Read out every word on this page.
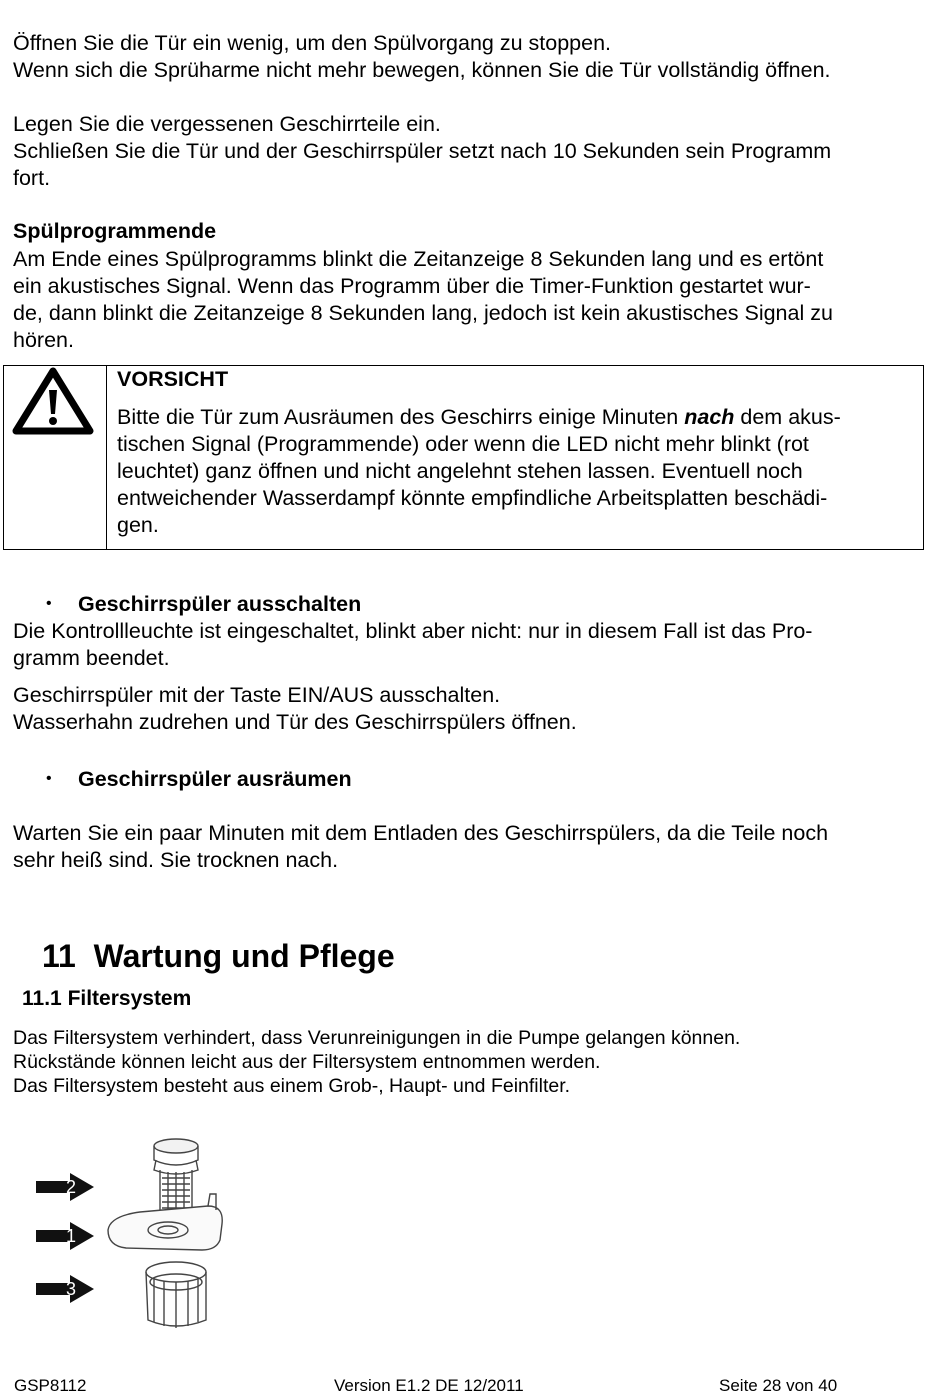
Öffnen Sie die Tür ein wenig, um den Spülvorgang zu stoppen.
Wenn sich die Sprüharme nicht mehr bewegen, können Sie die Tür vollständig öffnen.
Legen Sie die vergessenen Geschirrteile ein.
Schließen Sie die Tür und der Geschirrspüler setzt nach 10 Sekunden sein Programm
fort.
Spülprogrammende
Am Ende eines Spülprogramms blinkt die Zeitanzeige 8 Sekunden lang und es ertönt
ein akustisches Signal. Wenn das Programm über die Timer-Funktion gestartet wur-
de, dann blinkt die Zeitanzeige 8 Sekunden lang, jedoch ist kein akustisches Signal zu
hören.
VORSICHT
Bitte die Tür zum Ausräumen des Geschirrs einige Minuten nach dem akus-
tischen Signal (Programmende) oder wenn die LED nicht mehr blinkt (rot
leuchtet) ganz öffnen und nicht angelehnt stehen lassen. Eventuell noch
entweichender Wasserdampf könnte empfindliche Arbeitsplatten beschädi-
gen.
• Geschirrspüler ausschalten
Die Kontrollleuchte ist eingeschaltet, blinkt aber nicht: nur in diesem Fall ist das Pro-
gramm beendet.
Geschirrspüler mit der Taste EIN/AUS ausschalten.
Wasserhahn zudrehen und Tür des Geschirrspülers öffnen.
• Geschirrspüler ausräumen
Warten Sie ein paar Minuten mit dem Entladen des Geschirrspülers, da die Teile noch
sehr heiß sind. Sie trocknen nach.
11 Wartung und Pflege
11.1 Filtersystem
Das Filtersystem verhindert, dass Verunreinigungen in die Pumpe gelangen können.
Rückstände können leicht aus der Filtersystem entnommen werden.
Das Filtersystem besteht aus einem Grob-, Haupt- und Feinfilter.
2
1
3
GSP8112	Version E1.2 DE 12/2011	Seite 28 von 40
